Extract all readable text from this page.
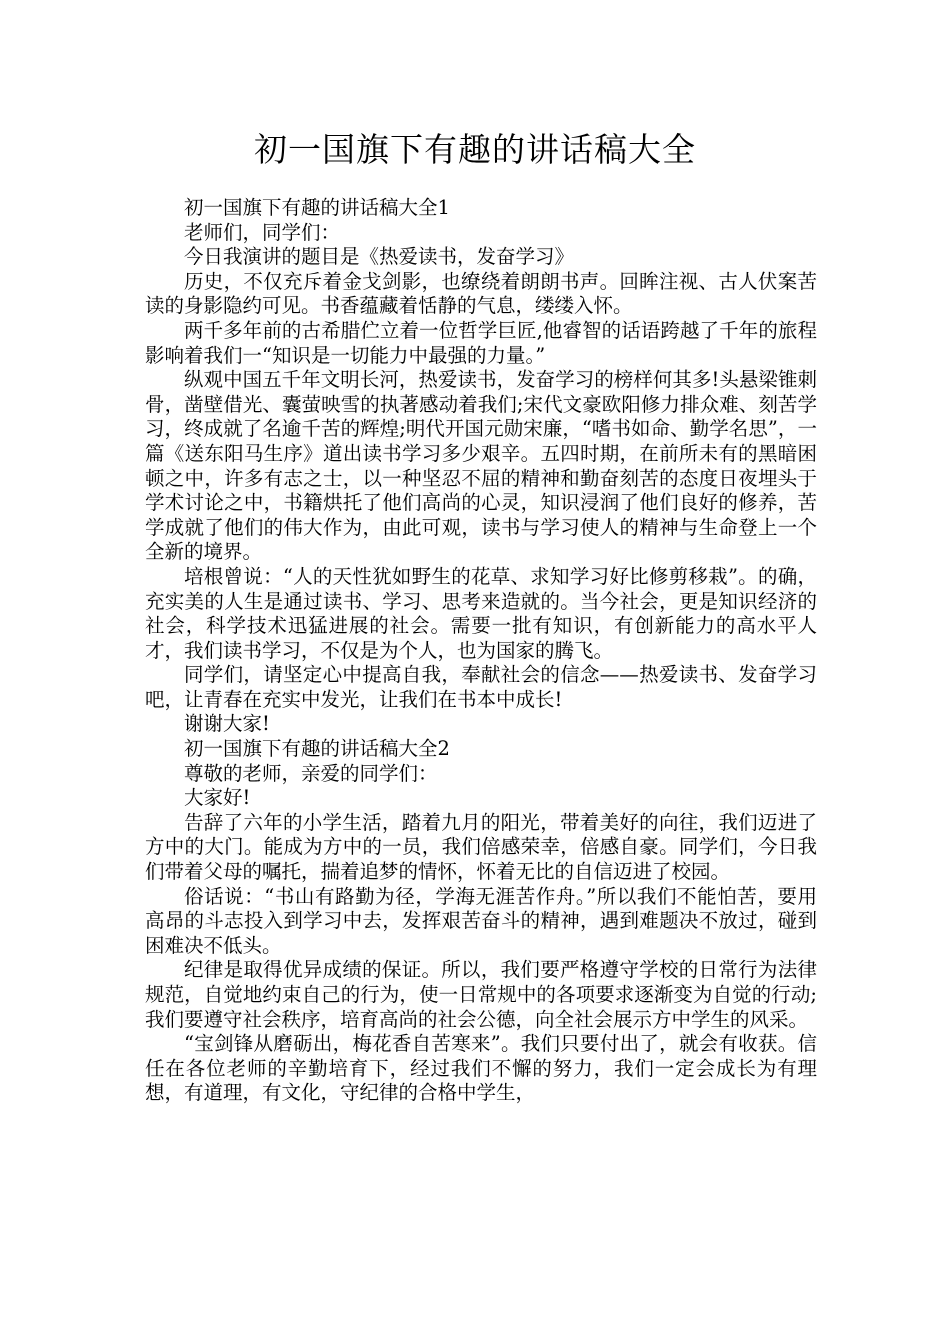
初一国旗下有趣的讲话稿大全

初一国旗下有趣的讲话稿大全1

老师们，同学们：

今日我演讲的题目是《热爱读书，发奋学习》

历史，不仅充斥着金戈剑影，也缭绕着朗朗书声。回眸注视、古人伏案苦读的身影隐约可见。书香蕴藏着恬静的气息，缕缕入怀。

两千多年前的古希腊伫立着一位哲学巨匠,他睿智的话语跨越了千年的旅程影响着我们一“知识是一切能力中最强的力量。”

纵观中国五千年文明长河，热爱读书，发奋学习的榜样何其多!头悬梁锥刺骨，凿壁借光、囊萤映雪的执著感动着我们;宋代文豪欧阳修力排众难、刻苦学习，终成就了名逾千苦的辉煌;明代开国元勋宋廉，“嗜书如命、勤学名思”，一篇《送东阳马生序》道出读书学习多少艰辛。五四时期，在前所未有的黑暗困顿之中，许多有志之士，以一种坚忍不屈的精神和勤奋刻苦的态度日夜埋头于学术讨论之中，书籍烘托了他们高尚的心灵，知识浸润了他们良好的修养，苦学成就了他们的伟大作为，由此可观，读书与学习使人的精神与生命登上一个全新的境界。

培根曾说：“人的天性犹如野生的花草、求知学习好比修剪移栽”。的确，充实美的人生是通过读书、学习、思考来造就的。当今社会，更是知识经济的社会，科学技术迅猛进展的社会。需要一批有知识，有创新能力的高水平人才，我们读书学习，不仅是为个人，也为国家的腾飞。

同学们，请坚定心中提高自我，奉献社会的信念——热爱读书、发奋学习吧，让青春在充实中发光，让我们在书本中成长!

谢谢大家!

初一国旗下有趣的讲话稿大全2

尊敬的老师，亲爱的同学们：

大家好!

告辞了六年的小学生活，踏着九月的阳光，带着美好的向往，我们迈进了方中的大门。能成为方中的一员，我们倍感荣幸，倍感自豪。同学们，今日我们带着父母的嘱托，揣着追梦的情怀，怀着无比的自信迈进了校园。

俗话说：“书山有路勤为径，学海无涯苦作舟。”所以我们不能怕苦，要用高昂的斗志投入到学习中去，发挥艰苦奋斗的精神，遇到难题决不放过，碰到困难决不低头。

纪律是取得优异成绩的保证。所以，我们要严格遵守学校的日常行为法律规范，自觉地约束自己的行为，使一日常规中的各项要求逐渐变为自觉的行动;我们要遵守社会秩序，培育高尚的社会公德，向全社会展示方中学生的风采。

“宝剑锋从磨砺出，梅花香自苦寒来”。我们只要付出了，就会有收获。信任在各位老师的辛勤培育下，经过我们不懈的努力，我们一定会成长为有理想，有道理，有文化，守纪律的合格中学生，
